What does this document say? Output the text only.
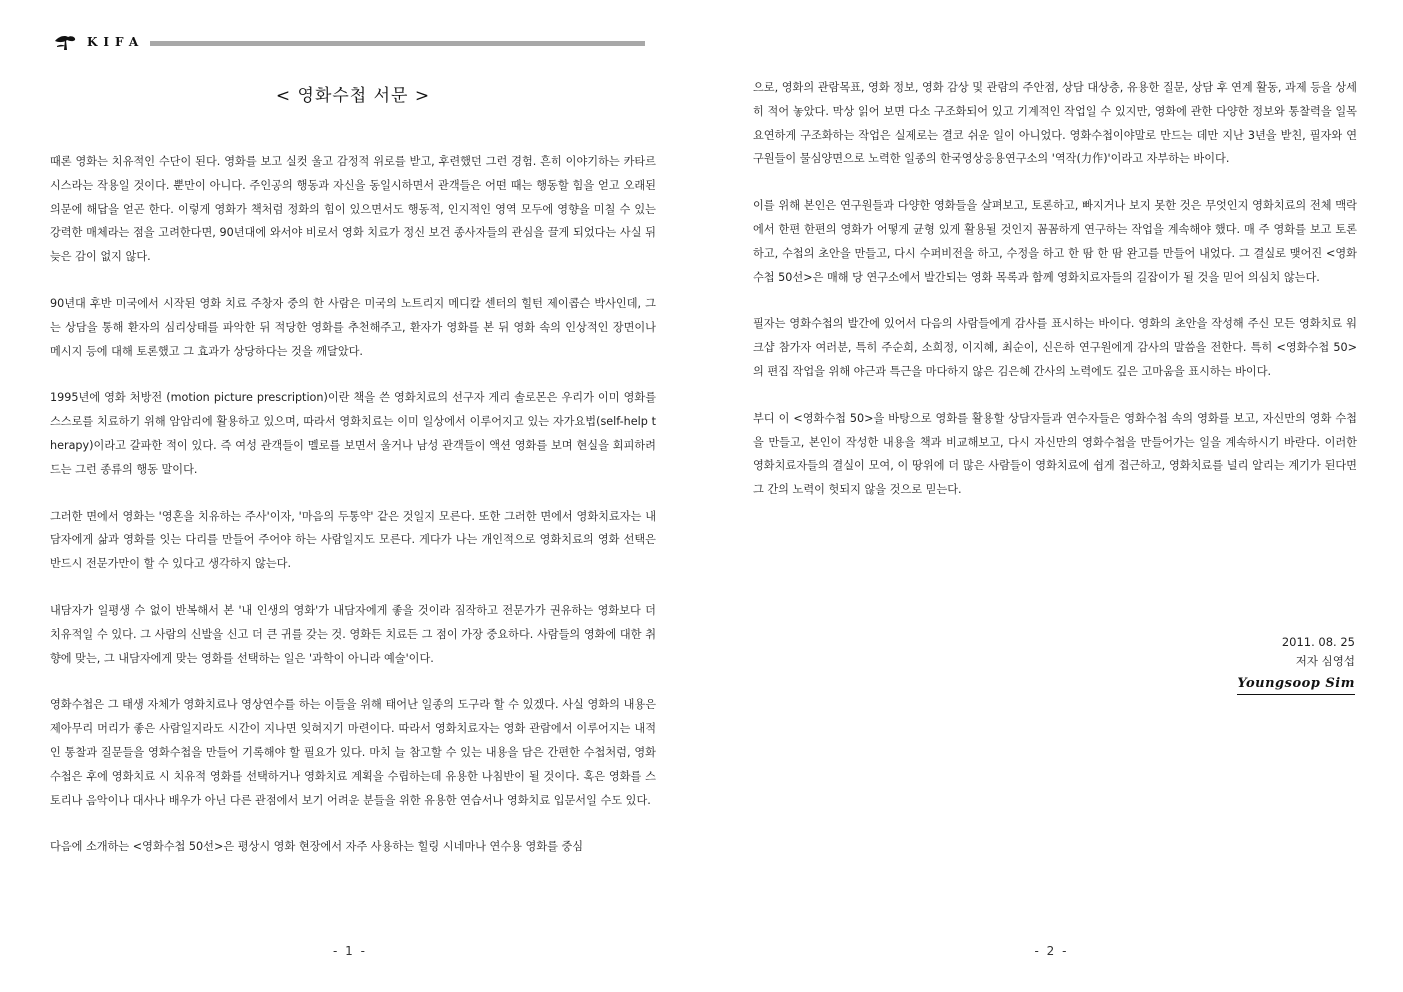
KIFA
< 영화수첩 서문 >

때론 영화는 치유적인 수단이 된다. 영화를 보고 실컷 울고 감정적 위로를 받고, 후련했던 그런 경험. 흔히 이야기하는 카타르시스라는 작용일 것이다. 뿐만이 아니다. 주인공의 행동과 자신을 동일시하면서 관객들은 어떤 때는 행동할 힘을 얻고 오래된 의문에 해답을 얻곤 한다. 이렇게 영화가 책처럼 정화의 힘이 있으면서도 행동적, 인지적인 영역 모두에 영향을 미칠 수 있는 강력한 매체라는 점을 고려한다면, 90년대에 와서야 비로서 영화 치료가 정신 보건 종사자들의 관심을 끌게 되었다는 사실 뒤늦은 감이 없지 않다.

90년대 후반 미국에서 시작된 영화 치료 주창자 중의 한 사람은 미국의 노트리지 메디칼 센터의 힐턴 제이콥슨 박사인데, 그는 상담을 통해 환자의 심리상태를 파악한 뒤 적당한 영화를 추천해주고, 환자가 영화를 본 뒤 영화 속의 인상적인 장면이나 메시지 등에 대해 토론했고 그 효과가 상당하다는 것을 깨달았다.

1995년에 영화 처방전 (motion picture prescription)이란 책을 쓴 영화치료의 선구자 게리 솔로몬은 우리가 이미 영화를 스스로를 치료하기 위해 암암리에 활용하고 있으며, 따라서 영화치료는 이미 일상에서 이루어지고 있는 자가요법(self-help therapy)이라고 갈파한 적이 있다. 즉 여성 관객들이 멜로를 보면서 울거나 남성 관객들이 액션 영화를 보며 현실을 회피하려 드는 그런 종류의 행동 말이다.

그러한 면에서 영화는 '영혼을 치유하는 주사'이자, '마음의 두통약' 같은 것일지 모른다. 또한 그러한 면에서 영화치료자는 내담자에게 삶과 영화를 잇는 다리를 만들어 주어야 하는 사람일지도 모른다. 게다가 나는 개인적으로 영화치료의 영화 선택은 반드시 전문가만이 할 수 있다고 생각하지 않는다.

내담자가 일평생 수 없이 반복해서 본 '내 인생의 영화'가 내담자에게 좋을 것이라 짐작하고 전문가가 권유하는 영화보다 더 치유적일 수 있다. 그 사람의 신발을 신고 더 큰 귀를 갖는 것. 영화든 치료든 그 점이 가장 중요하다. 사람들의 영화에 대한 취향에 맞는, 그 내담자에게 맞는 영화를 선택하는 일은 '과학이 아니라 예술'이다.

영화수첩은 그 태생 자체가 영화치료나 영상연수를 하는 이들을 위해 태어난 일종의 도구라 할 수 있겠다. 사실 영화의 내용은 제아무리 머리가 좋은 사람일지라도 시간이 지나면 잊혀지기 마련이다. 따라서 영화치료자는 영화 관람에서 이루어지는 내적인 통찰과 질문들을 영화수첩을 만들어 기록해야 할 필요가 있다. 마치 늘 참고할 수 있는 내용을 담은 간편한 수첩처럼, 영화수첩은 후에 영화치료 시 치유적 영화를 선택하거나 영화치료 계획을 수립하는데 유용한 나침반이 될 것이다. 혹은 영화를 스토리나 음악이나 대사나 배우가 아닌 다른 관점에서 보기 어려운 분들을 위한 유용한 연습서나 영화치료 입문서일 수도 있다.

다음에 소개하는 <영화수첩 50선>은 평상시 영화 현장에서 자주 사용하는 힐링 시네마나 연수용 영화를 중심

- 1 -

으로, 영화의 관람목표, 영화 정보, 영화 감상 및 관람의 주안점, 상담 대상층, 유용한 질문, 상담 후 연계 활동, 과제 등을 상세히 적어 놓았다. 막상 읽어 보면 다소 구조화되어 있고 기계적인 작업일 수 있지만, 영화에 관한 다양한 정보와 통찰력을 일목요연하게 구조화하는 작업은 실제로는 결코 쉬운 일이 아니었다. 영화수첩이야말로 만드는 데만 지난 3년을 받친, 필자와 연구원들이 물심양면으로 노력한 일종의 한국영상응용연구소의 '역작(力作)'이라고 자부하는 바이다.

이를 위해 본인은 연구원들과 다양한 영화들을 살펴보고, 토론하고, 빠지거나 보지 못한 것은 무엇인지 영화치료의 전체 맥락에서 한편 한편의 영화가 어떻게 균형 있게 활용될 것인지 꼼꼼하게 연구하는 작업을 계속해야 했다. 매 주 영화를 보고 토론하고, 수첩의 초안을 만들고, 다시 수퍼비전을 하고, 수정을 하고 한 땀 한 땀 완고를 만들어 내었다. 그 결실로 맺어진 <영화수첩 50선>은 매해 당 연구소에서 발간되는 영화 목록과 함께 영화치료자들의 길잡이가 될 것을 믿어 의심치 않는다.

필자는 영화수첩의 발간에 있어서 다음의 사람들에게 감사를 표시하는 바이다. 영화의 초안을 작성해 주신 모든 영화치료 워크샵 참가자 여러분, 특히 주순희, 소희정, 이지혜, 최순이, 신은하 연구원에게 감사의 말씀을 전한다. 특히 <영화수첩 50>의 편집 작업을 위해 야근과 특근을 마다하지 않은 김은혜 간사의 노력에도 깊은 고마움을 표시하는 바이다.

부디 이 <영화수첩 50>을 바탕으로 영화를 활용할 상담자들과 연수자들은 영화수첩 속의 영화를 보고, 자신만의 영화 수첩을 만들고, 본인이 작성한 내용을 책과 비교해보고, 다시 자신만의 영화수첩을 만들어가는 일을 계속하시기 바란다. 이러한 영화치료자들의 결실이 모여, 이 땅위에 더 많은 사람들이 영화치료에 쉽게 접근하고, 영화치료를 널리 알리는 계기가 된다면 그 간의 노력이 헛되지 않을 것으로 믿는다.

2011. 08. 25
저자 심영섭
Youngsoop Sim
- 2 -
